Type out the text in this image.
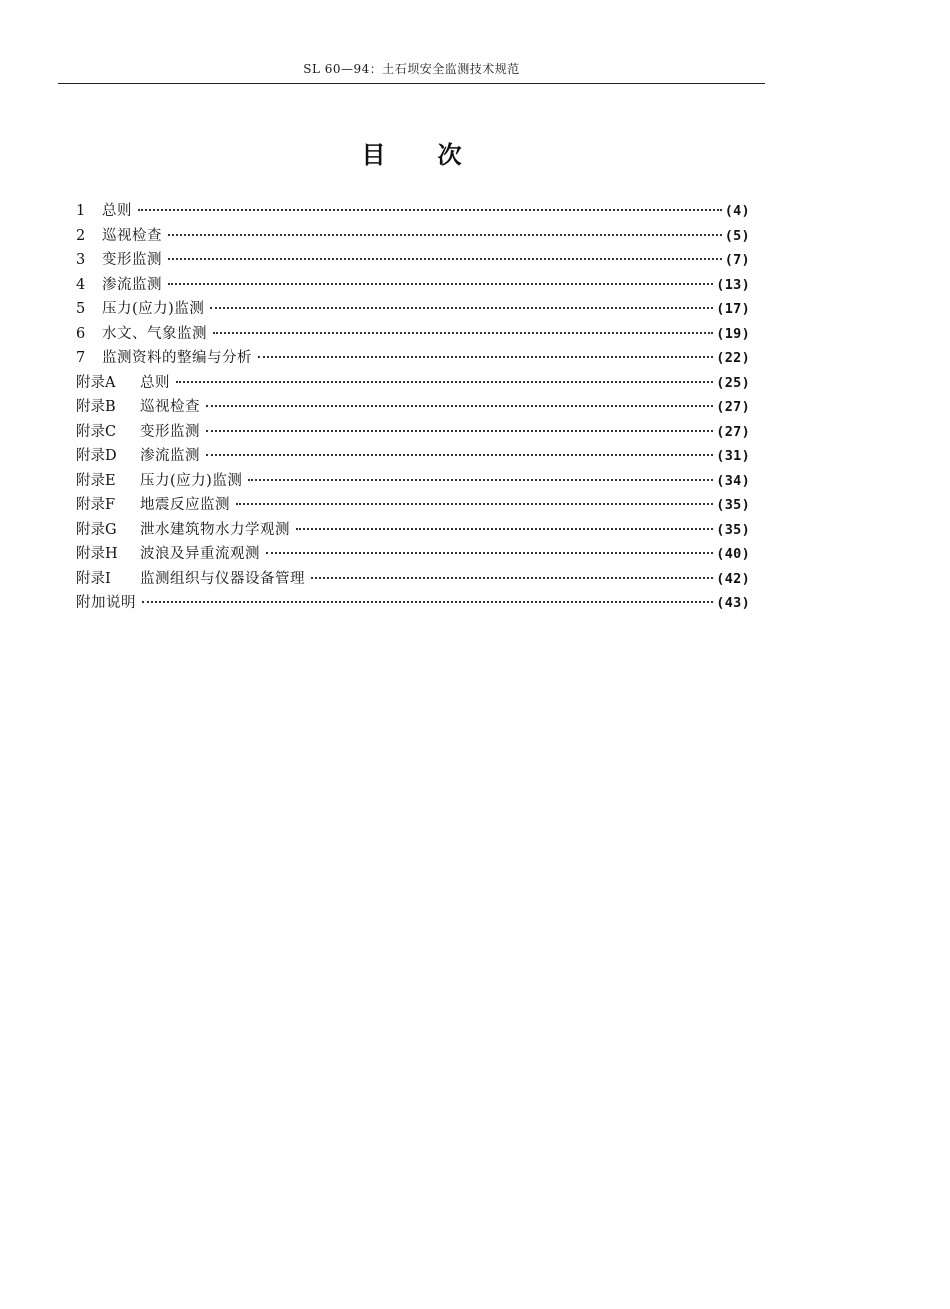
SL 60—94：土石坝安全监测技术规范
目次
1	总则	(4)
2	巡视检查	(5)
3	变形监测	(7)
4	渗流监测	(13)
5	压力(应力)监测	(17)
6	水文、气象监测	(19)
7	监测资料的整编与分析	(22)
附录A	总则	(25)
附录B	巡视检查	(27)
附录C	变形监测	(27)
附录D	渗流监测	(31)
附录E	压力(应力)监测	(34)
附录F	地震反应监测	(35)
附录G	泄水建筑物水力学观测	(35)
附录H	波浪及异重流观测	(40)
附录I	监测组织与仪器设备管理	(42)
附加说明	(43)
